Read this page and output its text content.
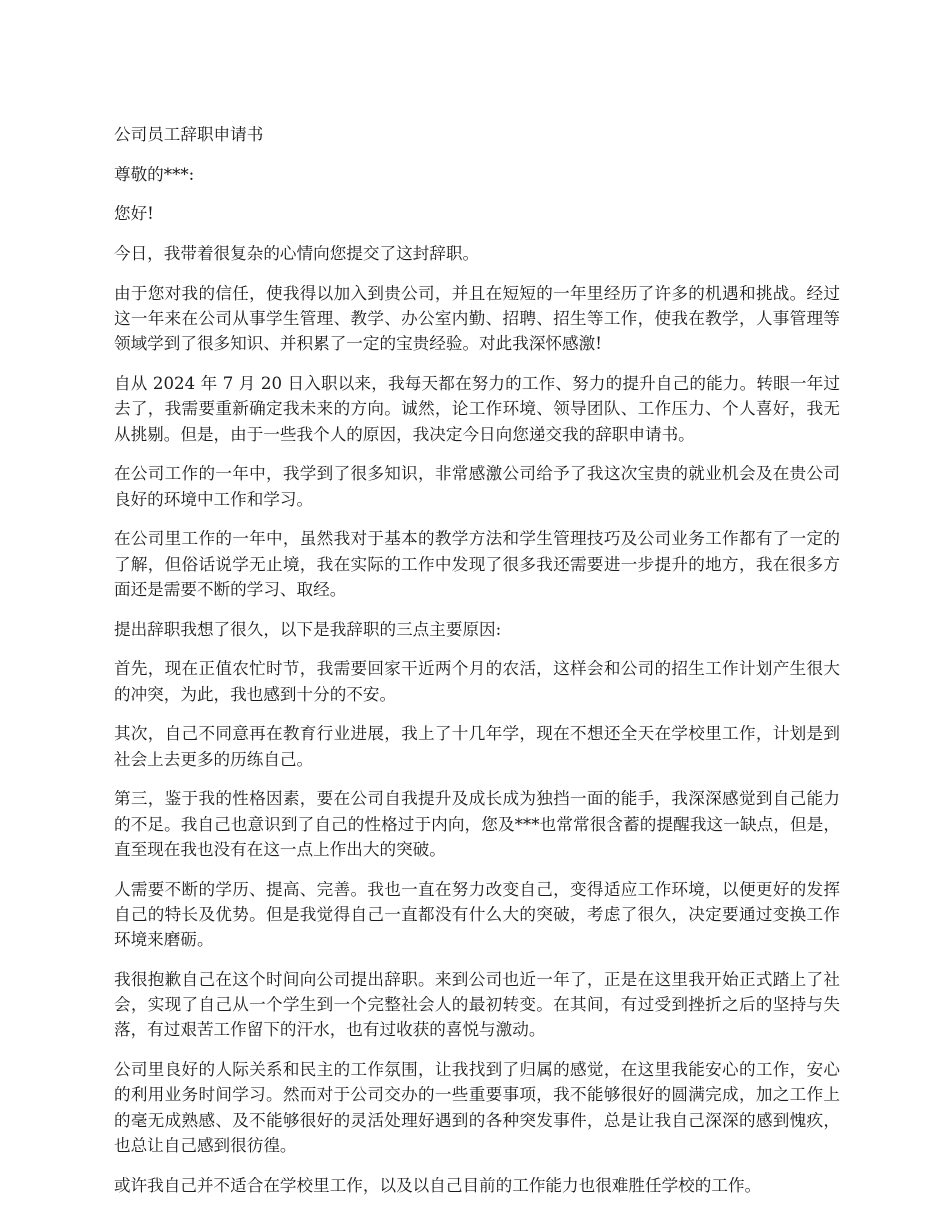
公司员工辞职申请书

尊敬的***:

您好!

今日，我带着很复杂的心情向您提交了这封辞职。

由于您对我的信任，使我得以加入到贵公司，并且在短短的一年里经历了许多的机遇和挑战。经过这一年来在公司从事学生管理、教学、办公室内勤、招聘、招生等工作，使我在教学，人事管理等领域学到了很多知识、并积累了一定的宝贵经验。对此我深怀感激!

自从 2024 年 7 月 20 日入职以来，我每天都在努力的工作、努力的提升自己的能力。转眼一年过去了，我需要重新确定我未来的方向。诚然，论工作环境、领导团队、工作压力、个人喜好，我无从挑剔。但是，由于一些我个人的原因，我决定今日向您递交我的辞职申请书。

在公司工作的一年中，我学到了很多知识，非常感激公司给予了我这次宝贵的就业机会及在贵公司良好的环境中工作和学习。

在公司里工作的一年中，虽然我对于基本的教学方法和学生管理技巧及公司业务工作都有了一定的了解，但俗话说学无止境，我在实际的工作中发现了很多我还需要进一步提升的地方，我在很多方面还是需要不断的学习、取经。

提出辞职我想了很久，以下是我辞职的三点主要原因:

首先，现在正值农忙时节，我需要回家干近两个月的农活，这样会和公司的招生工作计划产生很大的冲突，为此，我也感到十分的不安。

其次，自己不同意再在教育行业进展，我上了十几年学，现在不想还全天在学校里工作，计划是到社会上去更多的历练自己。

第三，鉴于我的性格因素，要在公司自我提升及成长成为独挡一面的能手，我深深感觉到自己能力的不足。我自己也意识到了自己的性格过于内向，您及***也常常很含蓄的提醒我这一缺点，但是，直至现在我也没有在这一点上作出大的突破。

人需要不断的学历、提高、完善。我也一直在努力改变自己，变得适应工作环境，以便更好的发挥自己的特长及优势。但是我觉得自己一直都没有什么大的突破，考虑了很久，决定要通过变换工作环境来磨砺。

我很抱歉自己在这个时间向公司提出辞职。来到公司也近一年了，正是在这里我开始正式踏上了社会，实现了自己从一个学生到一个完整社会人的最初转变。在其间，有过受到挫折之后的坚持与失落，有过艰苦工作留下的汗水，也有过收获的喜悦与激动。

公司里良好的人际关系和民主的工作氛围，让我找到了归属的感觉，在这里我能安心的工作，安心的利用业务时间学习。然而对于公司交办的一些重要事项，我不能够很好的圆满完成，加之工作上的毫无成熟感、及不能够很好的灵活处理好遇到的各种突发事件，总是让我自己深深的感到愧疚，也总让自己感到很彷徨。

或许我自己并不适合在学校里工作，以及以自己目前的工作能力也很难胜任学校的工作。
